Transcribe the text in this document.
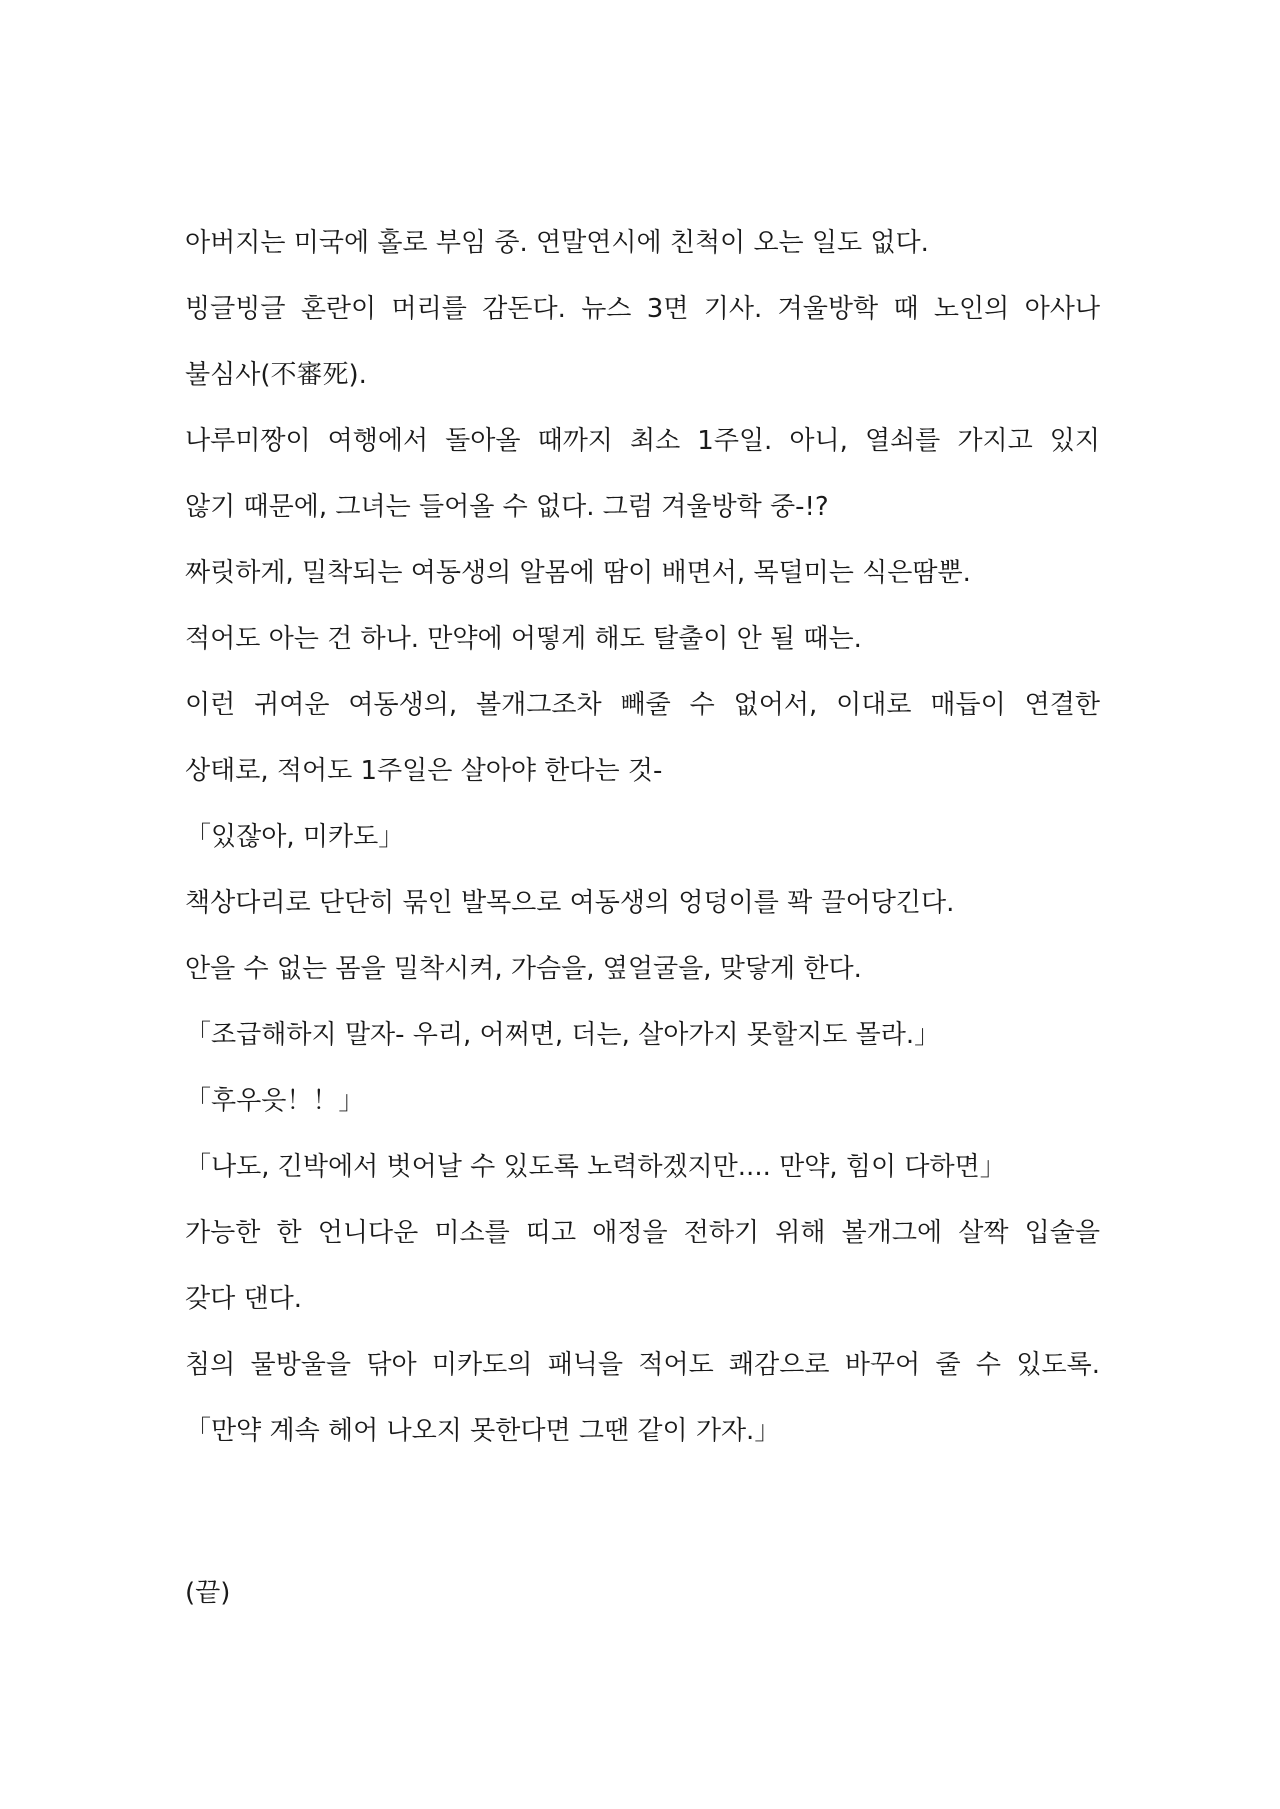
아버지는 미국에 홀로 부임 중. 연말연시에 친척이 오는 일도 없다.
빙글빙글 혼란이 머리를 감돈다. 뉴스 3면 기사. 겨울방학 때 노인의 아사나
불심사(不審死).
나루미짱이 여행에서 돌아올 때까지 최소 1주일. 아니, 열쇠를 가지고 있지
않기 때문에, 그녀는 들어올 수 없다. 그럼 겨울방학 중-!?
짜릿하게, 밀착되는 여동생의 알몸에 땀이 배면서, 목덜미는 식은땀뿐.
적어도 아는 건 하나. 만약에 어떻게 해도 탈출이 안 될 때는.
이런 귀여운 여동생의, 볼개그조차 빼줄 수 없어서, 이대로 매듭이 연결한
상태로, 적어도 1주일은 살아야 한다는 것-
「있잖아, 미카도」
책상다리로 단단히 묶인 발목으로 여동생의 엉덩이를 꽉 끌어당긴다.
안을 수 없는 몸을 밀착시켜, 가슴을, 옆얼굴을, 맞닿게 한다.
「조급해하지 말자- 우리, 어쩌면, 더는, 살아가지 못할지도 몰라.」
「후우읏！！」
「나도, 긴박에서 벗어날 수 있도록 노력하겠지만.... 만약, 힘이 다하면」
가능한 한 언니다운 미소를 띠고 애정을 전하기 위해 볼개그에 살짝 입술을
갖다 댄다.
침의 물방울을 닦아 미카도의 패닉을 적어도 쾌감으로 바꾸어 줄 수 있도록.
「만약 계속 헤어 나오지 못한다면 그땐 같이 가자.」
(끝)
